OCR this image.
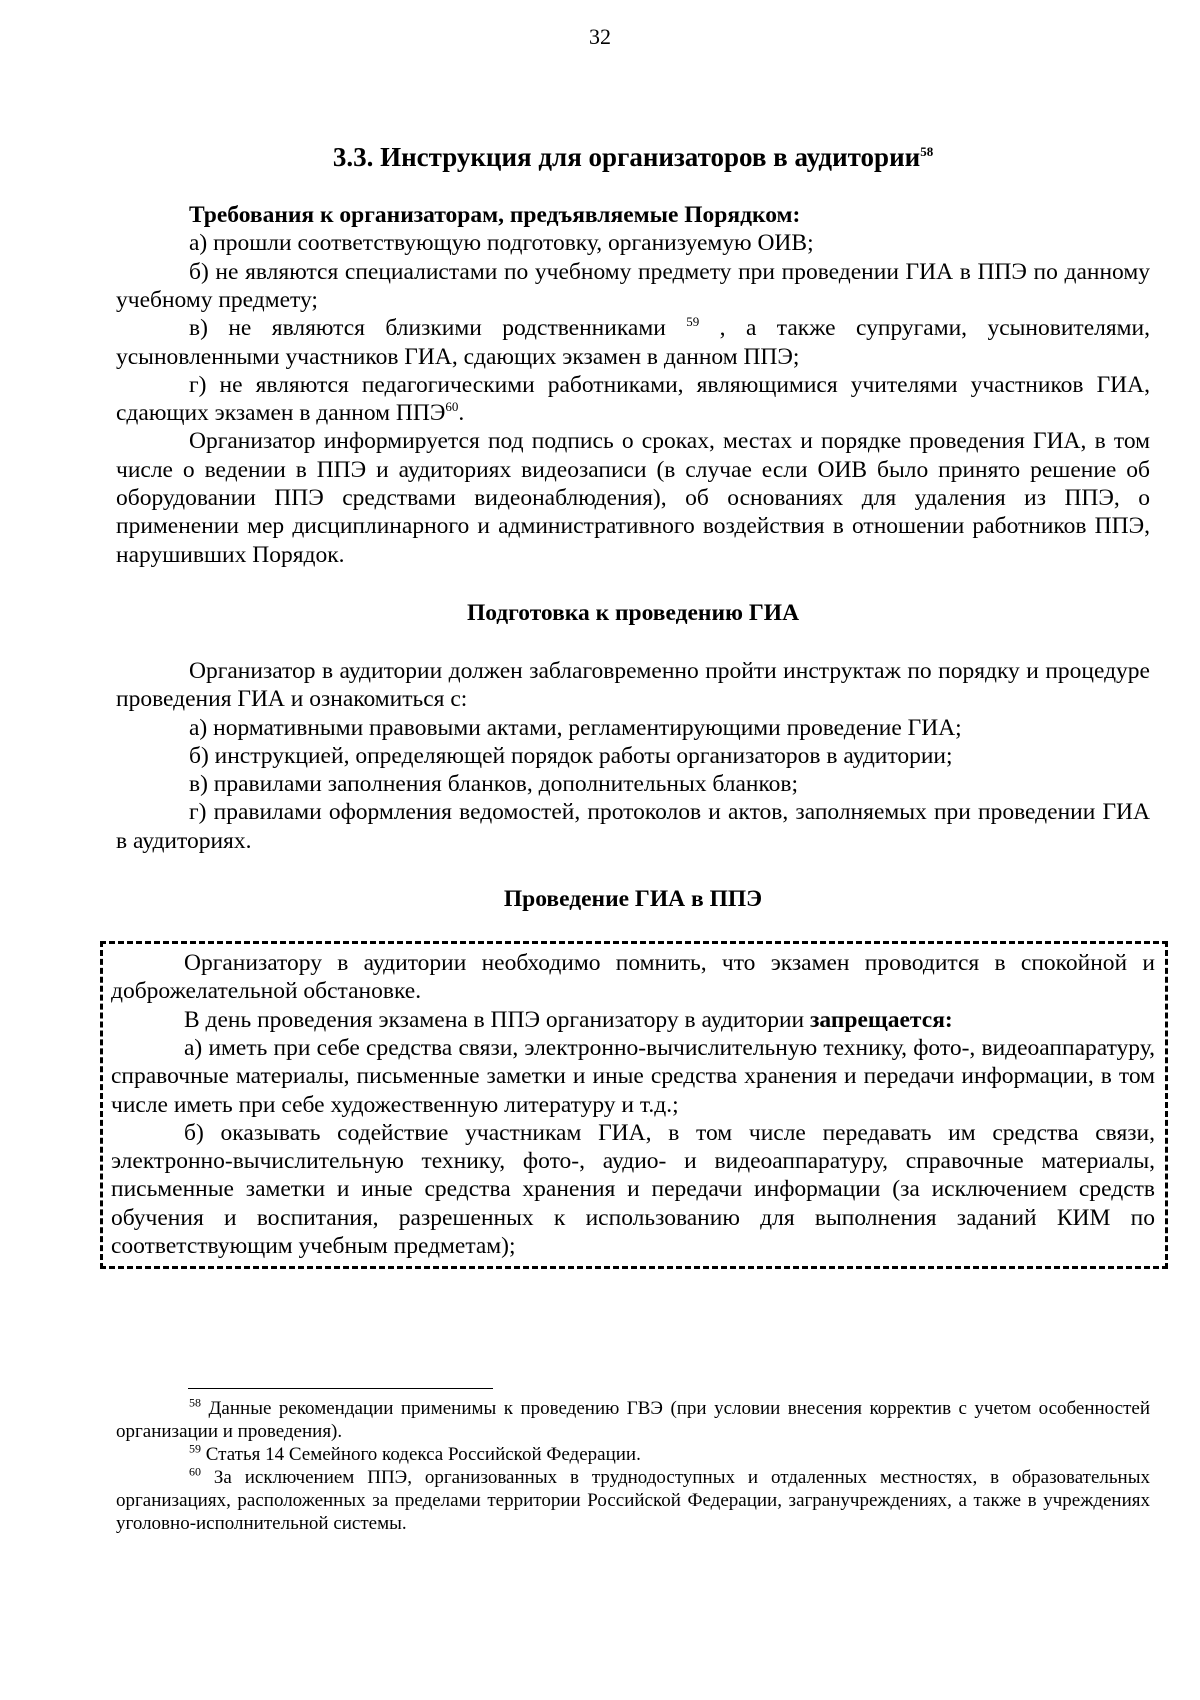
32
3.3. Инструкция для организаторов в аудитории$^{58}$

Требования к организаторам, предъявляемые Порядком:

а) прошли соответствующую подготовку, организуемую ОИВ;

б) не являются специалистами по учебному предмету при проведении ГИА в ППЭ по данному учебному предмету;

в) не являются близкими родственниками $^{59}$ , а также супругами, усыновителями, усыновленными участников ГИА, сдающих экзамен в данном ППЭ;

г) не являются педагогическими работниками, являющимися учителями участников ГИА, сдающих экзамен в данном ППЭ$^{60}$.

Организатор информируется под подпись о сроках, местах и порядке проведения ГИА, в том числе о ведении в ППЭ и аудиториях видеозаписи (в случае если ОИВ было принято решение об оборудовании ППЭ средствами видеонаблюдения), об основаниях для удаления из ППЭ, о применении мер дисциплинарного и административного воздействия в отношении работников ППЭ, нарушивших Порядок.

Подготовка к проведению ГИА

Организатор в аудитории должен заблаговременно пройти инструктаж по порядку и процедуре проведения ГИА и ознакомиться с:

а) нормативными правовыми актами, регламентирующими проведение ГИА;

б) инструкцией, определяющей порядок работы организаторов в аудитории;

в) правилами заполнения бланков, дополнительных бланков;

г) правилами оформления ведомостей, протоколов и актов, заполняемых при проведении ГИА в аудиториях.

Проведение ГИА в ППЭ

Организатору в аудитории необходимо помнить, что экзамен проводится в спокойной и доброжелательной обстановке.

В день проведения экзамена в ППЭ организатору в аудитории запрещается:

а) иметь при себе средства связи, электронно-вычислительную технику, фото-, видеоаппаратуру, справочные материалы, письменные заметки и иные средства хранения и передачи информации, в том числе иметь при себе художественную литературу и т.д.;

б) оказывать содействие участникам ГИА, в том числе передавать им средства связи, электронно-вычислительную технику, фото-, аудио- и видеоаппаратуру, справочные материалы, письменные заметки и иные средства хранения и передачи информации (за исключением средств обучения и воспитания, разрешенных к использованию для выполнения заданий КИМ по соответствующим учебным предметам);

$^{58}$ Данные рекомендации применимы к проведению ГВЭ (при условии внесения корректив с учетом особенностей организации и проведения).

$^{59}$ Статья 14 Семейного кодекса Российской Федерации.

$^{60}$ За исключением ППЭ, организованных в труднодоступных и отдаленных местностях, в образовательных организациях, расположенных за пределами территории Российской Федерации, загранучреждениях, а также в учреждениях уголовно-исполнительной системы.
